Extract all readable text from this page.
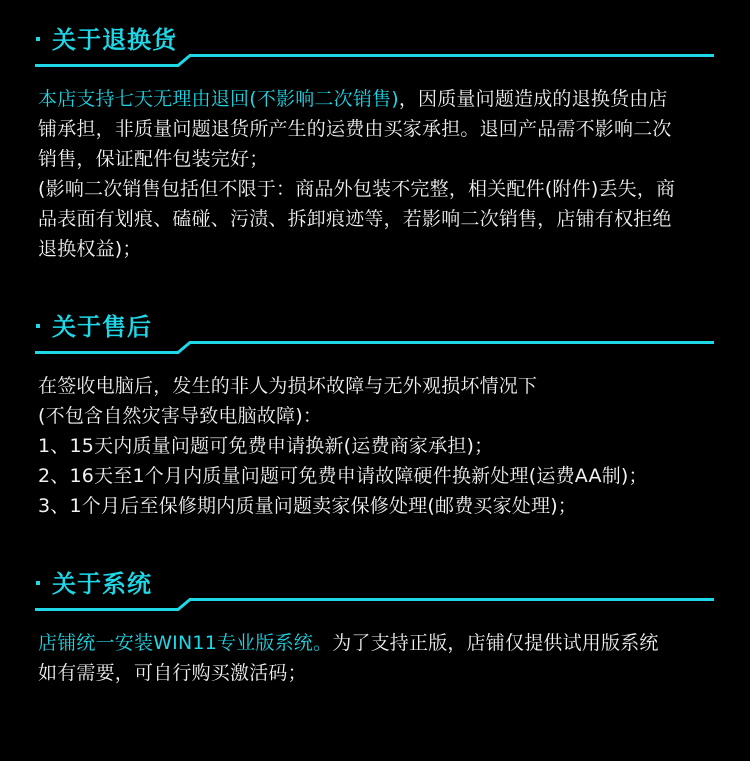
关于退换货

本店支持七天无理由退回(不影响二次销售)，因质量问题造成的退换货由店

铺承担，非质量问题退货所产生的运费由买家承担。退回产品需不影响二次

销售，保证配件包装完好；

(影响二次销售包括但不限于：商品外包装不完整，相关配件(附件)丢失，商

品表面有划痕、磕碰、污渍、拆卸痕迹等，若影响二次销售，店铺有权拒绝

退换权益)；

关于售后

在签收电脑后，发生的非人为损坏故障与无外观损坏情况下

(不包含自然灾害导致电脑故障)：

1、15天内质量问题可免费申请换新(运费商家承担)；

2、16天至1个月内质量问题可免费申请故障硬件换新处理(运费AA制)；

3、1个月后至保修期内质量问题卖家保修处理(邮费买家处理)；

关于系统

店铺统一安装WIN11专业版系统。为了支持正版，店铺仅提供试用版系统

如有需要，可自行购买激活码；
